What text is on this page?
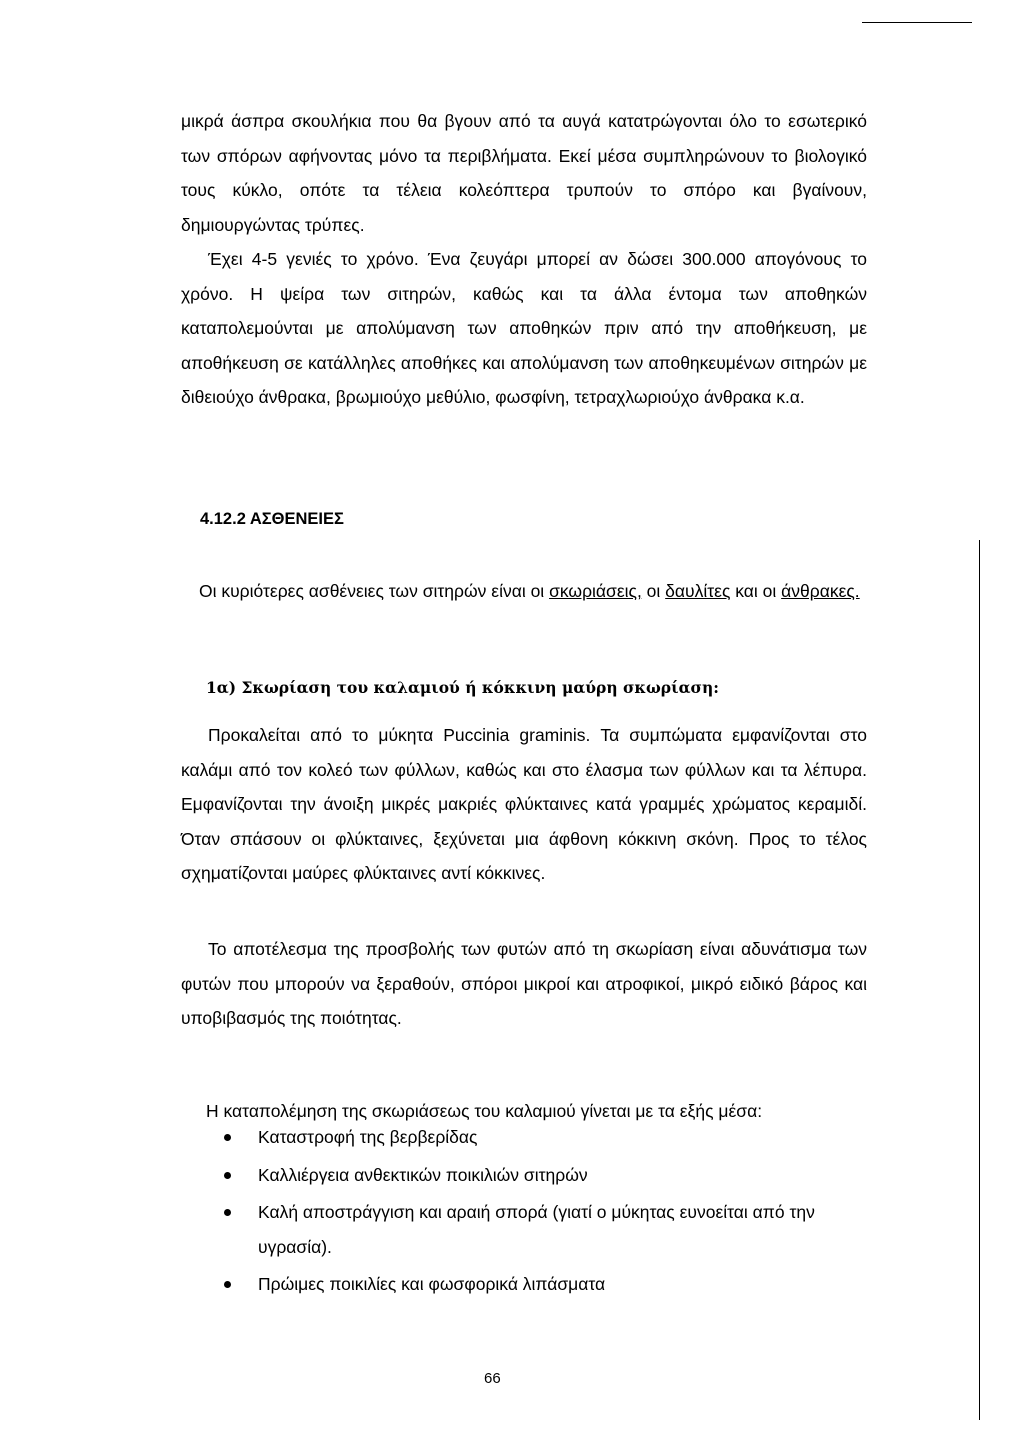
μικρά άσπρα σκουλήκια που θα βγουν από τα αυγά κατατρώγονται όλο το εσωτερικό των σπόρων αφήνοντας μόνο τα περιβλήματα. Εκεί μέσα συμπληρώνουν το βιολογικό τους κύκλο, οπότε τα τέλεια κολεόπτερα τρυπούν το σπόρο και βγαίνουν, δημιουργώντας τρύπες.

Έχει 4-5 γενιές το χρόνο. Ένα ζευγάρι μπορεί αν δώσει 300.000 απογόνους το χρόνο. Η ψείρα των σιτηρών, καθώς και τα άλλα έντομα των αποθηκών καταπολεμούνται με απολύμανση των αποθηκών πριν από την αποθήκευση, με αποθήκευση σε κατάλληλες αποθήκες και απολύμανση των αποθηκευμένων σιτηρών με διθειούχο άνθρακα, βρωμιούχο μεθύλιο, φωσφίνη, τετραχλωριούχο άνθρακα κ.α.

4.12.2 ΑΣΘΕΝΕΙΕΣ

Οι κυριότερες ασθένειες των σιτηρών είναι οι σκωριάσεις, οι δαυλίτες και οι άνθρακες.

1α) Σκωρίαση του καλαμιού ή κόκκινη μαύρη σκωρίαση:

Προκαλείται από το μύκητα Puccinia graminis. Τα συμπώματα εμφανίζονται στο καλάμι από τον κολεό των φύλλων, καθώς και στο έλασμα των φύλλων και τα λέπυρα. Εμφανίζονται την άνοιξη μικρές μακριές φλύκταινες κατά γραμμές χρώματος κεραμιδί. Όταν σπάσουν οι φλύκταινες, ξεχύνεται μια άφθονη κόκκινη σκόνη. Προς το τέλος σχηματίζονται μαύρες φλύκταινες αντί κόκκινες.

Το αποτέλεσμα της προσβολής των φυτών από τη σκωρίαση είναι αδυνάτισμα των φυτών που μπορούν να ξεραθούν, σπόροι μικροί και ατροφικοί, μικρό ειδικό βάρος και υποβιβασμός της ποιότητας.

Η καταπολέμηση της σκωριάσεως του καλαμιού γίνεται με τα εξής μέσα:

Καταστροφή της βερβερίδας
Καλλιέργεια ανθεκτικών ποικιλιών σιτηρών
Καλή αποστράγγιση και αραιή σπορά (γιατί ο μύκητας ευνοείται από την υγρασία).
Πρώιμες ποικιλίες και φωσφορικά λιπάσματα
66
